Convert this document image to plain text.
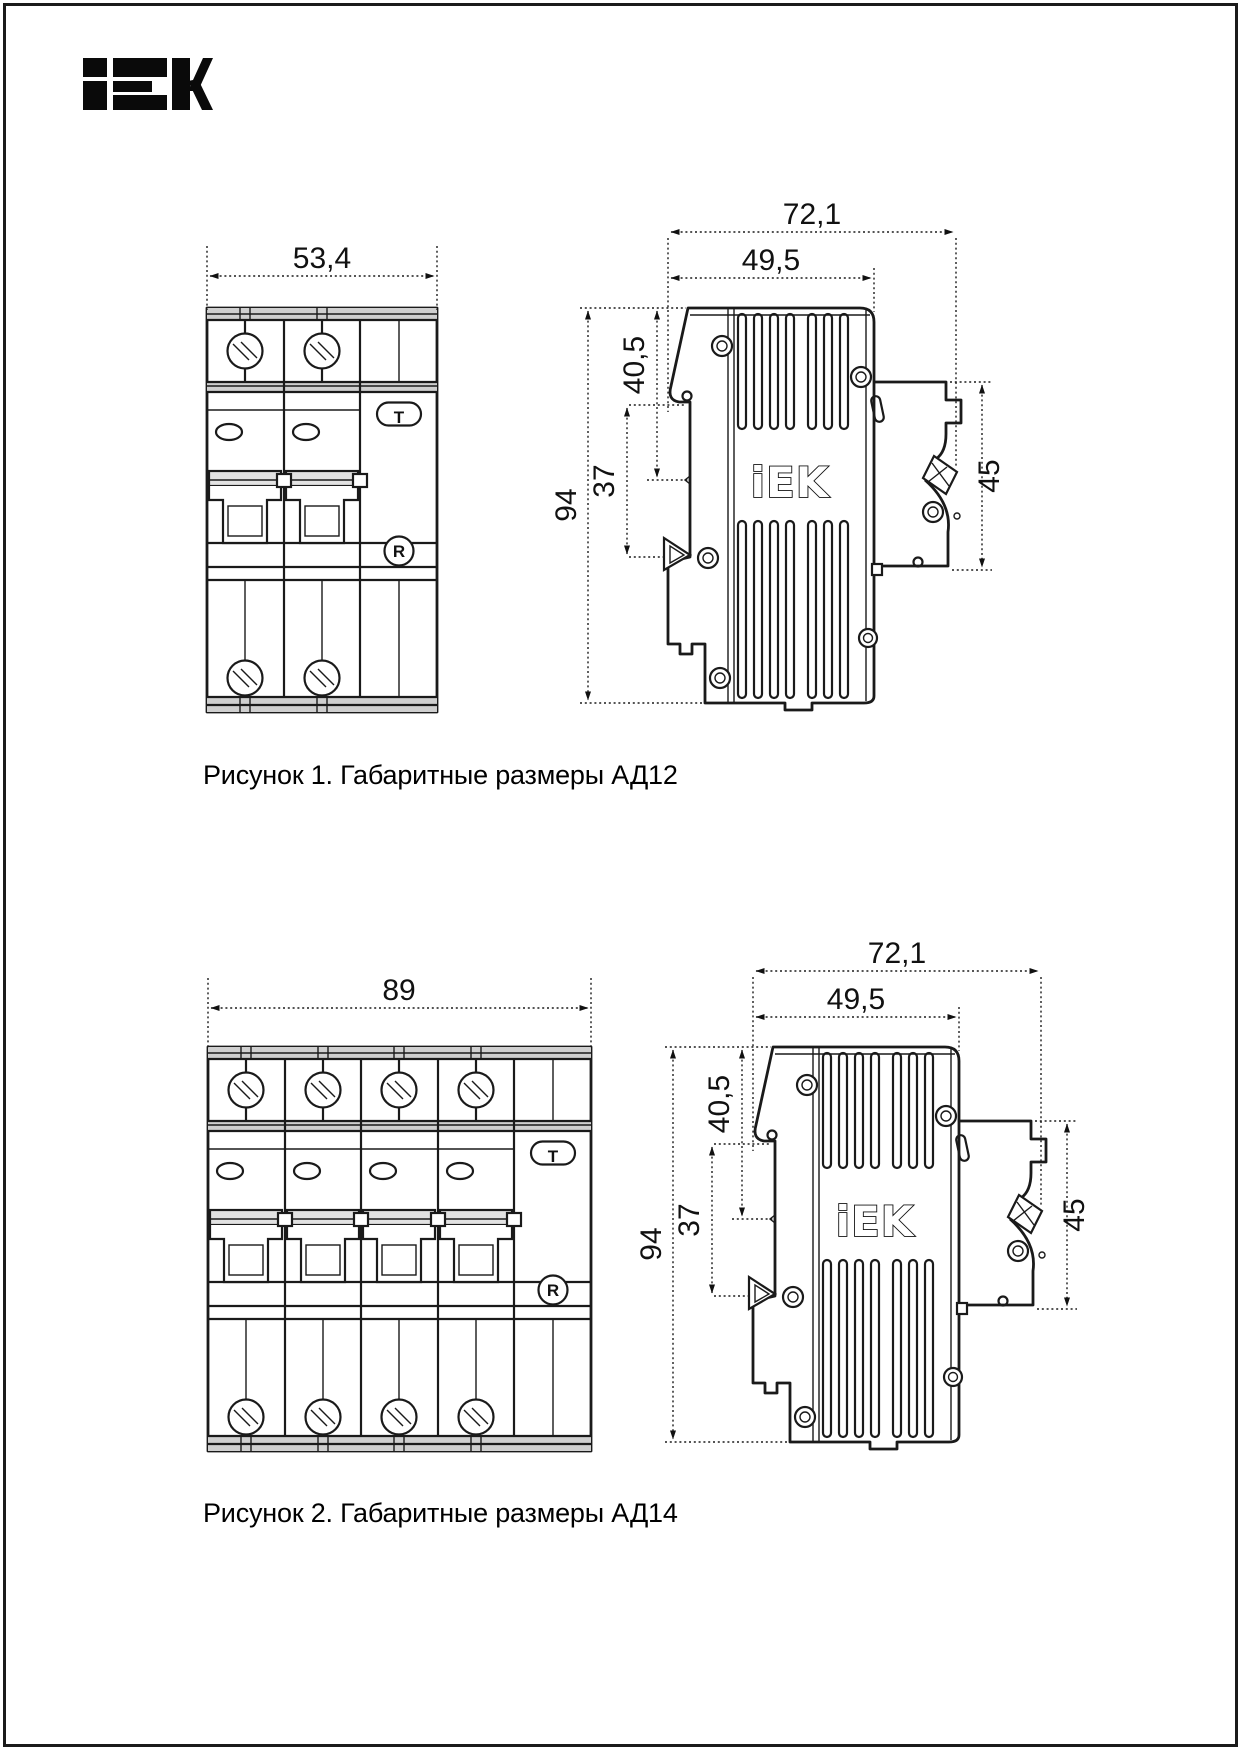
Т
R
53,4
iEK
72,1
49,5
94
40,5
37	45
Рисунок 1. Габаритные размеры АД12
Т
R
89
iEK
72,1
49,5
94
40,5
37	45
Рисунок 2. Габаритные размеры АД14
